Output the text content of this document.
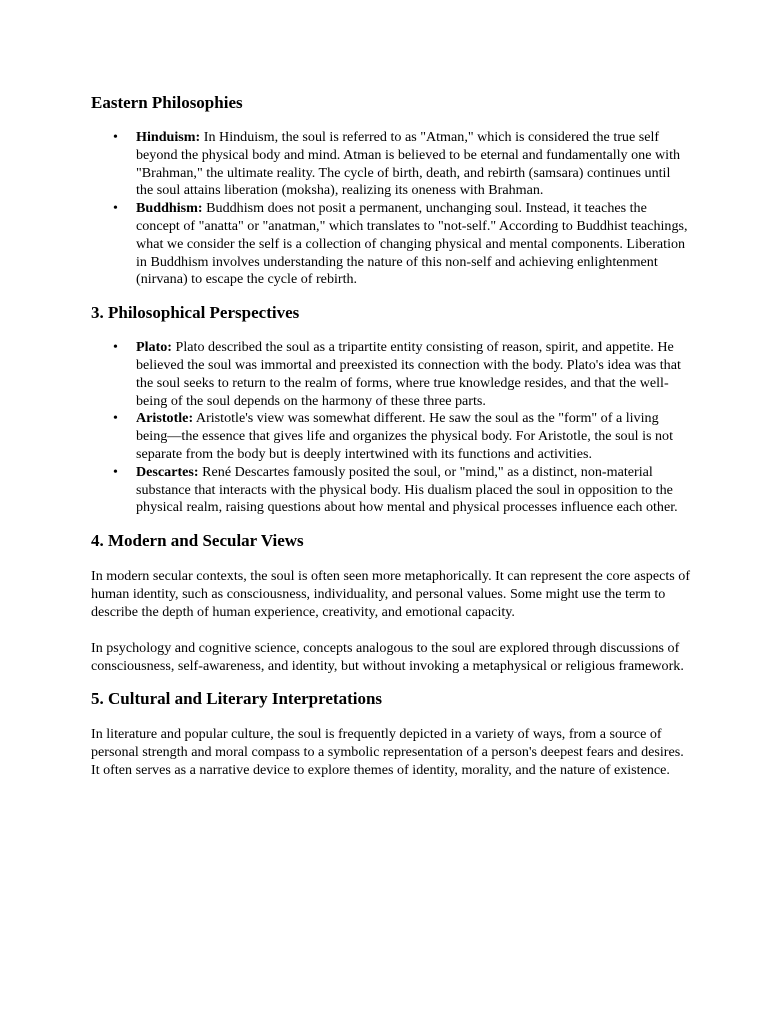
Eastern Philosophies
• Hinduism: In Hinduism, the soul is referred to as "Atman," which is considered the true self beyond the physical body and mind. Atman is believed to be eternal and fundamentally one with "Brahman," the ultimate reality. The cycle of birth, death, and rebirth (samsara) continues until the soul attains liberation (moksha), realizing its oneness with Brahman.
• Buddhism: Buddhism does not posit a permanent, unchanging soul. Instead, it teaches the concept of "anatta" or "anatman," which translates to "not-self." According to Buddhist teachings, what we consider the self is a collection of changing physical and mental components. Liberation in Buddhism involves understanding the nature of this non-self and achieving enlightenment (nirvana) to escape the cycle of rebirth.
3. Philosophical Perspectives
• Plato: Plato described the soul as a tripartite entity consisting of reason, spirit, and appetite. He believed the soul was immortal and preexisted its connection with the body. Plato's idea was that the soul seeks to return to the realm of forms, where true knowledge resides, and that the well-being of the soul depends on the harmony of these three parts.
• Aristotle: Aristotle's view was somewhat different. He saw the soul as the "form" of a living being—the essence that gives life and organizes the physical body. For Aristotle, the soul is not separate from the body but is deeply intertwined with its functions and activities.
• Descartes: René Descartes famously posited the soul, or "mind," as a distinct, non-material substance that interacts with the physical body. His dualism placed the soul in opposition to the physical realm, raising questions about how mental and physical processes influence each other.
4. Modern and Secular Views

In modern secular contexts, the soul is often seen more metaphorically. It can represent the core aspects of human identity, such as consciousness, individuality, and personal values. Some might use the term to describe the depth of human experience, creativity, and emotional capacity.

In psychology and cognitive science, concepts analogous to the soul are explored through discussions of consciousness, self-awareness, and identity, but without invoking a metaphysical or religious framework.

5. Cultural and Literary Interpretations

In literature and popular culture, the soul is frequently depicted in a variety of ways, from a source of personal strength and moral compass to a symbolic representation of a person's deepest fears and desires. It often serves as a narrative device to explore themes of identity, morality, and the nature of existence.
